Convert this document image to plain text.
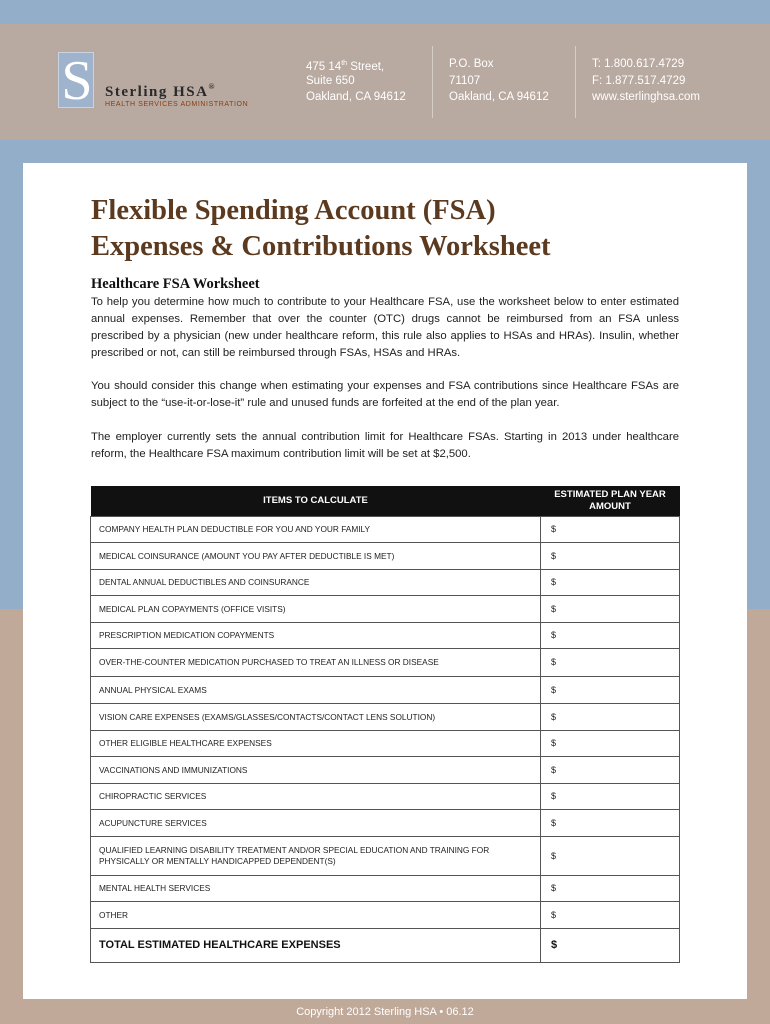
S Sterling HSA®
HEALTH SERVICES ADMINISTRATION
475 14th Street,
Suite 650
Oakland, CA 94612
P.O. Box
71107
Oakland, CA 94612
T: 1.800.617.4729
F: 1.877.517.4729
www.sterlinghsa.com
Flexible Spending Account (FSA)
Expenses & Contributions Worksheet
Healthcare FSA Worksheet
To help you determine how much to contribute to your Healthcare FSA, use the worksheet below to enter estimated annual expenses. Remember that over the counter (OTC) drugs cannot be reimbursed from an FSA unless prescribed by a physician (new under healthcare reform, this rule also applies to HSAs and HRAs). Insulin, whether prescribed or not, can still be reimbursed through FSAs, HSAs and HRAs.
You should consider this change when estimating your expenses and FSA contributions since Healthcare FSAs are subject to the “use-it-or-lose-it” rule and unused funds are forfeited at the end of the plan year.
The employer currently sets the annual contribution limit for Healthcare FSAs. Starting in 2013 under healthcare reform, the Healthcare FSA maximum contribution limit will be set at $2,500.
ITEMS TO CALCULATE	ESTIMATED PLAN YEAR AMOUNT
COMPANY HEALTH PLAN DEDUCTIBLE FOR YOU AND YOUR FAMILY	$
MEDICAL COINSURANCE (AMOUNT YOU PAY AFTER DEDUCTIBLE IS MET)	$
DENTAL ANNUAL DEDUCTIBLES AND COINSURANCE	$
MEDICAL PLAN COPAYMENTS (OFFICE VISITS)	$
PRESCRIPTION MEDICATION COPAYMENTS	$
OVER-THE-COUNTER MEDICATION PURCHASED TO TREAT AN ILLNESS OR DISEASE	$
ANNUAL PHYSICAL EXAMS	$
VISION CARE EXPENSES (EXAMS/GLASSES/CONTACTS/CONTACT LENS SOLUTION)	$
OTHER ELIGIBLE HEALTHCARE EXPENSES	$
VACCINATIONS AND IMMUNIZATIONS	$
CHIROPRACTIC SERVICES	$
ACUPUNCTURE SERVICES	$
QUALIFIED LEARNING DISABILITY TREATMENT AND/OR SPECIAL EDUCATION AND TRAINING FOR PHYSICALLY OR MENTALLY HANDICAPPED DEPENDENT(S)	$
MENTAL HEALTH SERVICES	$
OTHER	$
TOTAL ESTIMATED HEALTHCARE EXPENSES	$
Copyright 2012 Sterling HSA • 06.12
